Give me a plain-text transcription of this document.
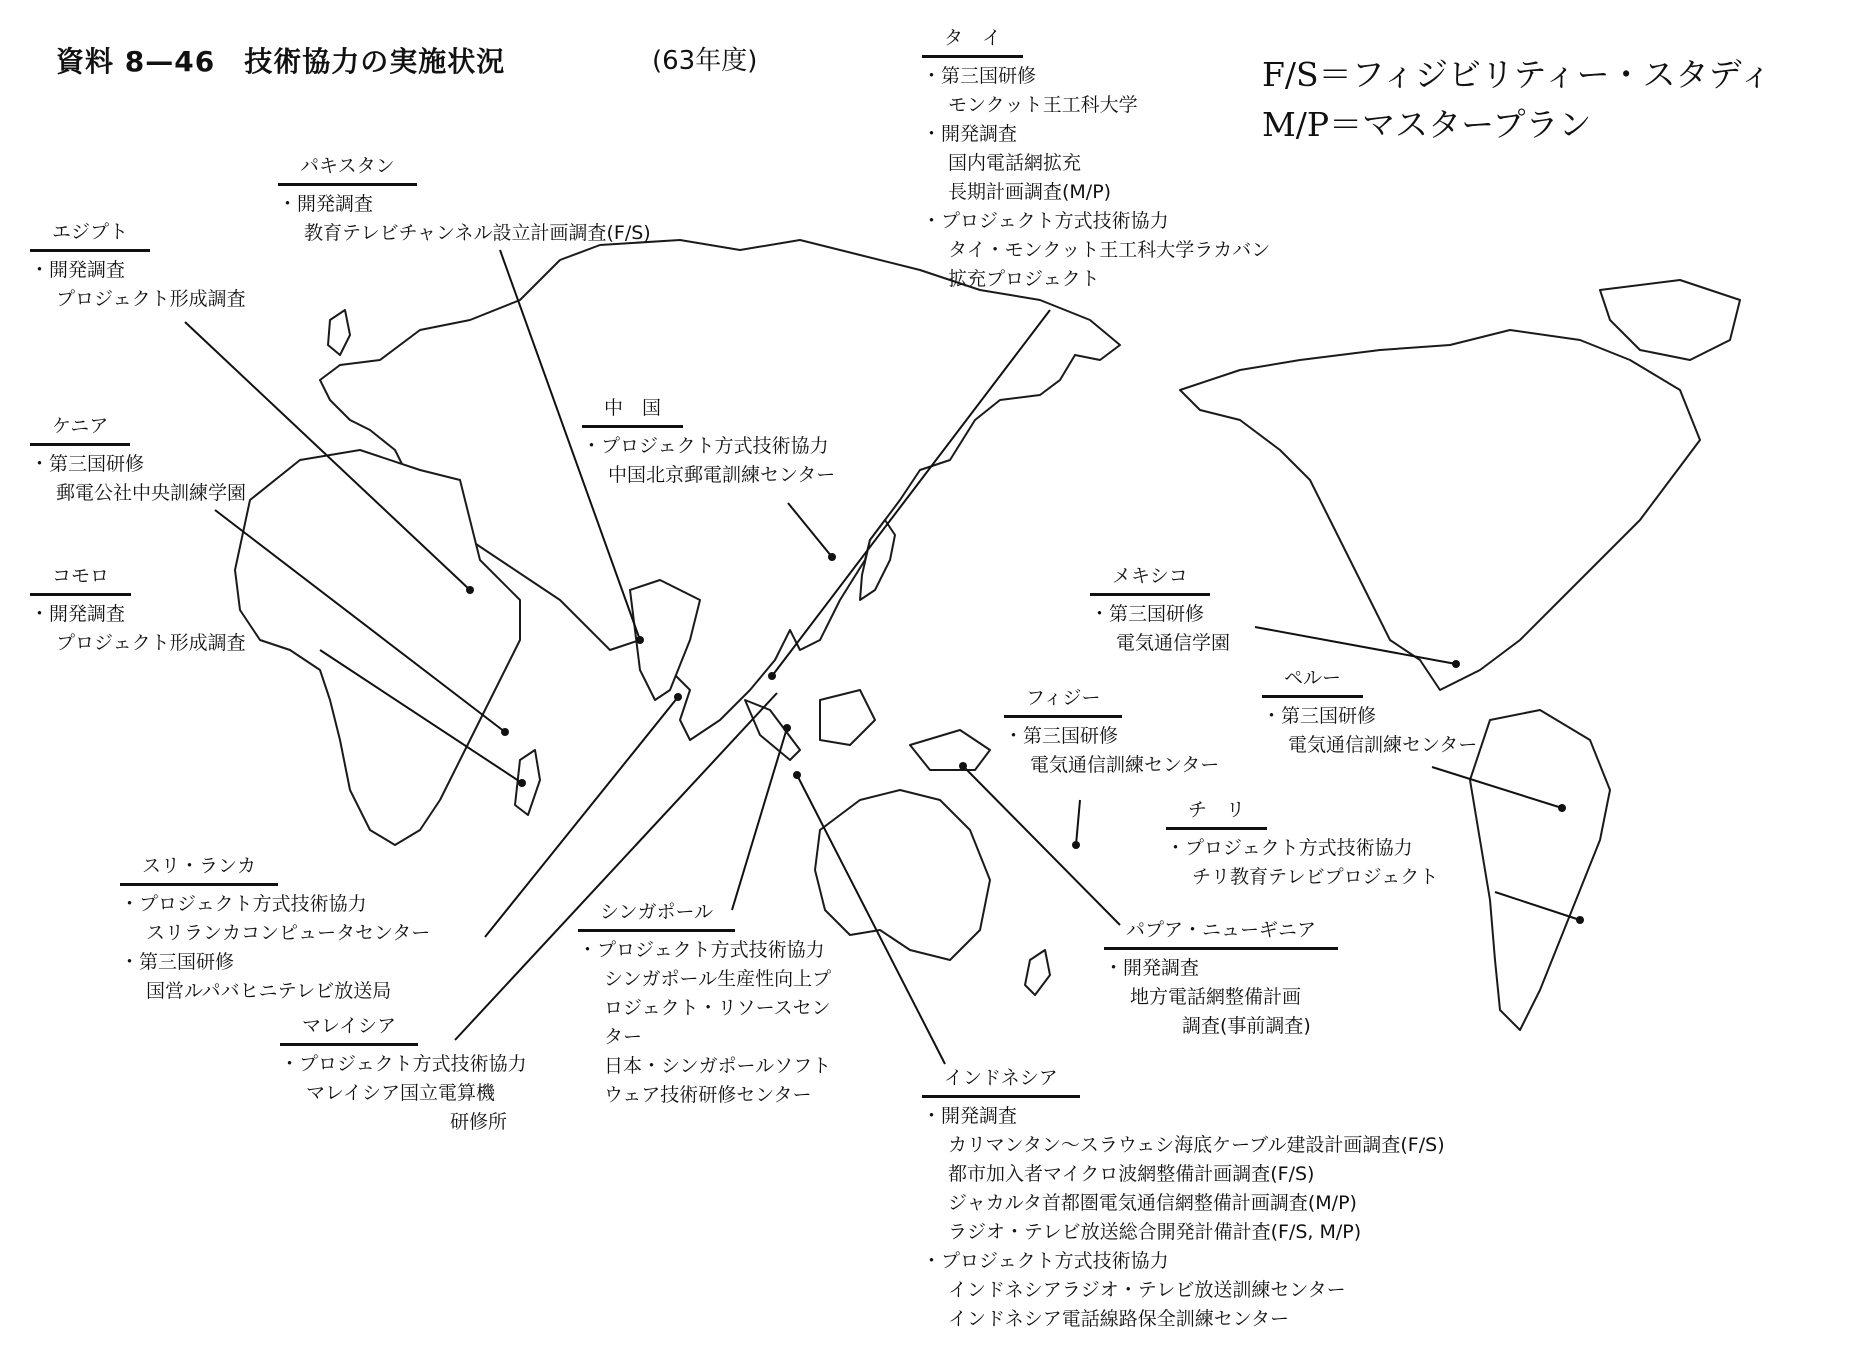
資料 8—46　技術協力の実施状況	(63年度)	F/S＝フィジビリティー・スタディ
M/P＝マスタープラン
エジプト
・ 開発調査
プロジェクト形成調査
パキスタン
・ 開発調査
教育テレビチャンネル設立計画調査(F/S)
ケニア
・ 第三国研修
郵電公社中央訓練学園
コモロ
・ 開発調査
プロジェクト形成調査
タ　イ
・ 第三国研修
モンクット王工科大学
・ 開発調査
国内電話網拡充
長期計画調査(M/P)
・ プロジェクト方式技術協力
タイ・モンクット王工科大学ラカバン
拡充プロジェクト
中　国
・ プロジェクト方式技術協力
中国北京郵電訓練センター
スリ・ランカ
・ プロジェクト方式技術協力
スリランカコンピュータセンター
・ 第三国研修
国営ルパバヒニテレビ放送局
マレイシア
・ プロジェクト方式技術協力
マレイシア国立電算機
研修所
シンガポール
・ プロジェクト方式技術協力
シンガポール生産性向上プ
ロジェクト・リソースセン
ター
日本・シンガポールソフト
ウェア技術研修センター
インドネシア
・ 開発調査
カリマンタン～スラウェシ海底ケーブル建設計画調査(F/S)
都市加入者マイクロ波網整備計画調査(F/S)
ジャカルタ首都圏電気通信網整備計画調査(M/P)
ラジオ・テレビ放送総合開発計備計査(F/S, M/P)
・ プロジェクト方式技術協力
インドネシアラジオ・テレビ放送訓練センター
インドネシア電話線路保全訓練センター
メキシコ
・ 第三国研修
電気通信学園
フィジー
・ 第三国研修
電気通信訓練センター
ペルー
・ 第三国研修
電気通信訓練センター
チ　リ
・ プロジェクト方式技術協力
チリ教育テレビプロジェクト
パプア・ニューギニア
・ 開発調査
地方電話網整備計画
調査(事前調査)
